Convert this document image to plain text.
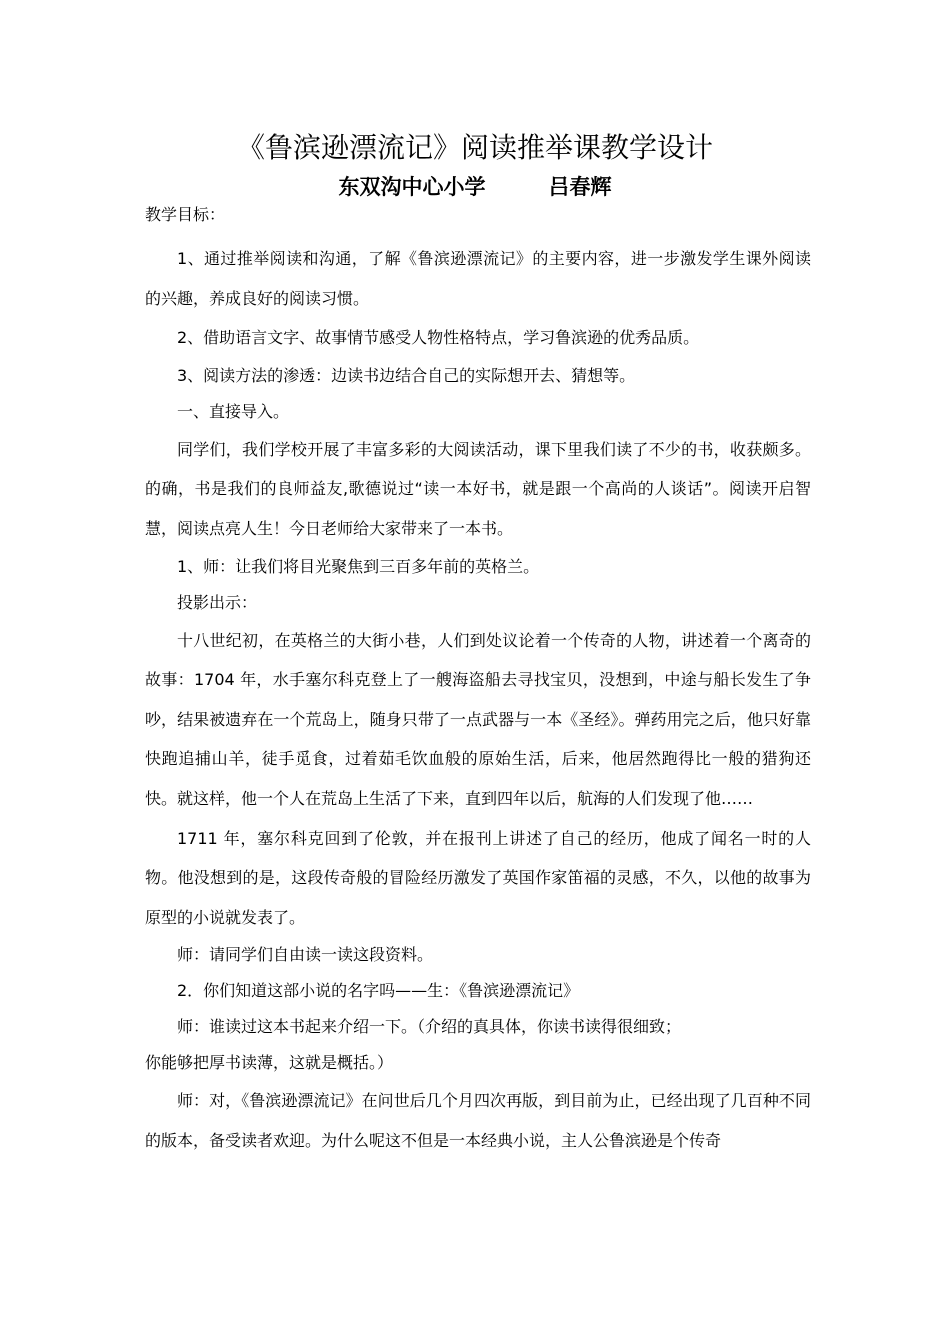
《鲁滨逊漂流记》阅读推举课教学设计
东双沟中心小学　　　吕春辉

教学目标：

1、通过推举阅读和沟通，了解《鲁滨逊漂流记》的主要内容，进一步激发学生课外阅读的兴趣，养成良好的阅读习惯。

2、借助语言文字、故事情节感受人物性格特点，学习鲁滨逊的优秀品质。

3、阅读方法的渗透：边读书边结合自己的实际想开去、猜想等。

一、直接导入。

同学们，我们学校开展了丰富多彩的大阅读活动，课下里我们读了不少的书，收获颇多。的确，书是我们的良师益友,歌德说过“读一本好书，就是跟一个高尚的人谈话”。阅读开启智慧，阅读点亮人生！今日老师给大家带来了一本书。

1、师：让我们将目光聚焦到三百多年前的英格兰。

投影出示：

十八世纪初，在英格兰的大街小巷，人们到处议论着一个传奇的人物，讲述着一个离奇的故事：1704 年，水手塞尔科克登上了一艘海盗船去寻找宝贝，没想到，中途与船长发生了争吵，结果被遗弃在一个荒岛上，随身只带了一点武器与一本《圣经》。弹药用完之后，他只好靠快跑追捕山羊，徒手觅食，过着茹毛饮血般的原始生活，后来，他居然跑得比一般的猎狗还快。就这样，他一个人在荒岛上生活了下来，直到四年以后，航海的人们发现了他……

1711 年，塞尔科克回到了伦敦，并在报刊上讲述了自己的经历，他成了闻名一时的人物。他没想到的是，这段传奇般的冒险经历激发了英国作家笛福的灵感，不久，以他的故事为原型的小说就发表了。

师：请同学们自由读一读这段资料。

2．你们知道这部小说的名字吗——生：《鲁滨逊漂流记》

师：谁读过这本书起来介绍一下。（介绍的真具体，你读书读得很细致；

你能够把厚书读薄，这就是概括。）

师：对，《鲁滨逊漂流记》在问世后几个月四次再版，到目前为止，已经出现了几百种不同的版本，备受读者欢迎。为什么呢这不但是一本经典小说，主人公鲁滨逊是个传奇
